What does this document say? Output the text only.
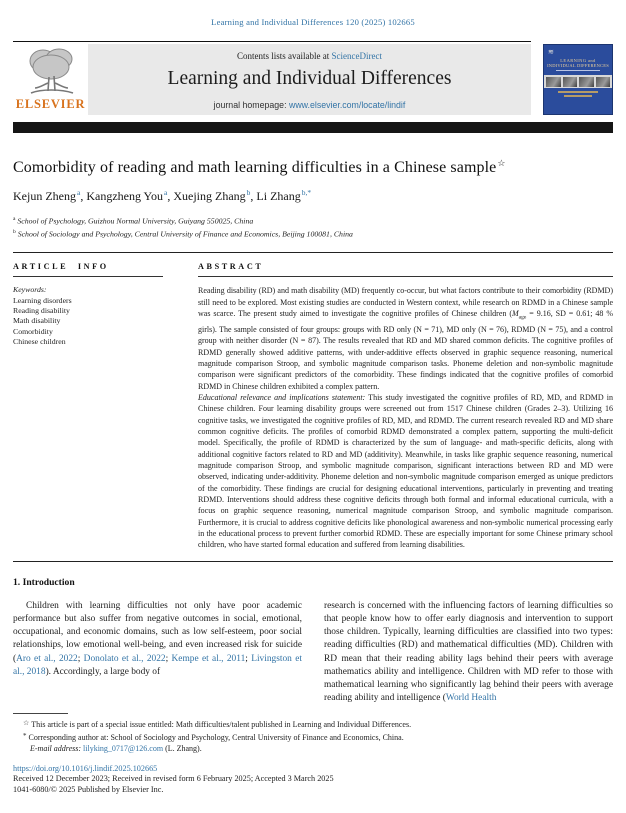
Learning and Individual Differences 120 (2025) 102665
ELSEVIER
Contents lists available at ScienceDirect
Learning and Individual Differences
journal homepage: www.elsevier.com/locate/lindif
≋
LEARNING and
INDIVIDUAL DIFFERENCES
Comorbidity of reading and math learning difficulties in a Chinese sample☆
Kejun Zheng$^a$, Kangzheng You$^a$, Xuejing Zhang$^b$, Li Zhang$^{b,*}$
$^a$ School of Psychology, Guizhou Normal University, Guiyang 550025, China
$^b$ School of Sociology and Psychology, Central University of Finance and Economics, Beijing 100081, China
ARTICLE INFO
Keywords:
Learning disorders
Reading disability
Math disability
Comorbidity
Chinese children
ABSTRACT

Reading disability (RD) and math disability (MD) frequently co-occur, but what factors contribute to their comorbidity (RDMD) still need to be explored. Most existing studies are conducted in Western context, while research on RDMD in a Chinese sample was scarce. The present study aimed to investigate the cognitive profiles of Chinese children ($M_{age} = 9.16$, SD = 0.61; 48 % girls). The sample consisted of four groups: groups with RD only (N = 71), MD only (N = 76), RDMD (N = 75), and a control group with neither disorder (N = 87). The results revealed that RD and MD shared common deficits. The cognitive profiles of RDMD generally showed additive patterns, with under-additive effects observed in graphic sequence reasoning, numerical magnitude comparison Stroop, and symbolic magnitude comparison tasks. Phoneme deletion and non-symbolic magnitude comparison were significant predictors of the comorbidity. These findings indicated that the cognitive profiles of comorbid RDMD in Chinese children exhibited a complex pattern.

Educational relevance and implications statement: This study investigated the cognitive profiles of RD, MD, and RDMD in Chinese children. Four learning disability groups were screened out from 1517 Chinese children (Grades 2–3). Utilizing 16 cognitive tasks, we investigated the cognitive profiles of RD, MD, and RDMD. The current research revealed RD and MD share common cognitive deficits. The profiles of comorbid RDMD demonstrated a complex pattern, supporting the multi-deficit model. Specifically, the profile of RDMD is characterized by the sum of language- and math-specific deficits, along with additional cognitive factors related to RD and MD (additivity). Meanwhile, in tasks like graphic sequence reasoning, numerical magnitude comparison Stroop, and symbolic magnitude comparison, significant interactions between RD and MD were observed, indicating under-additivity. Phoneme deletion and non-symbolic magnitude comparison emerged as unique predictors of the comorbidity. These findings are crucial for designing educational interventions, particularly in preventing and treating RDMD. Interventions should address these cognitive deficits through both formal and informal educational curricula, with a focus on graphic sequence reasoning, numerical magnitude comparison Stroop, and symbolic magnitude comparison. Furthermore, it is crucial to address cognitive deficits like phonological awareness and non-symbolic numerical processing early in the educational process to prevent further comorbid RDMD. These are especially important for some Chinese primary school children, who have started formal education and suffered from learning disabilities.

1. Introduction

Children with learning difficulties not only have poor academic performance but also suffer from negative outcomes in social, emotional, occupational, and economic domains, such as low self-esteem, poor social relationships, low emotional well-being, and even increased risk for suicide (Aro et al., 2022; Donolato et al., 2022; Kempe et al., 2011; Livingston et al., 2018). Accordingly, a large body of

research is concerned with the influencing factors of learning difficulties so that people know how to offer early diagnosis and intervention to support those children. Typically, learning difficulties are classified into two types: reading difficulties (RD) and mathematical difficulties (MD). Children with RD mean that their reading ability lags behind their peers with average mathematics ability and intelligence. Children with MD refer to those with mathematical learning who significantly lag behind their peers with average reading ability and intelligence (World Health

☆ This article is part of a special issue entitled: Math difficulties/talent published in Learning and Individual Differences.

* Corresponding author at: School of Sociology and Psychology, Central University of Finance and Economics, China.

E-mail address: lilyking_0717@126.com (L. Zhang).

https://doi.org/10.1016/j.lindif.2025.102665
Received 12 December 2023; Received in revised form 6 February 2025; Accepted 3 March 2025
1041-6080/© 2025 Published by Elsevier Inc.
